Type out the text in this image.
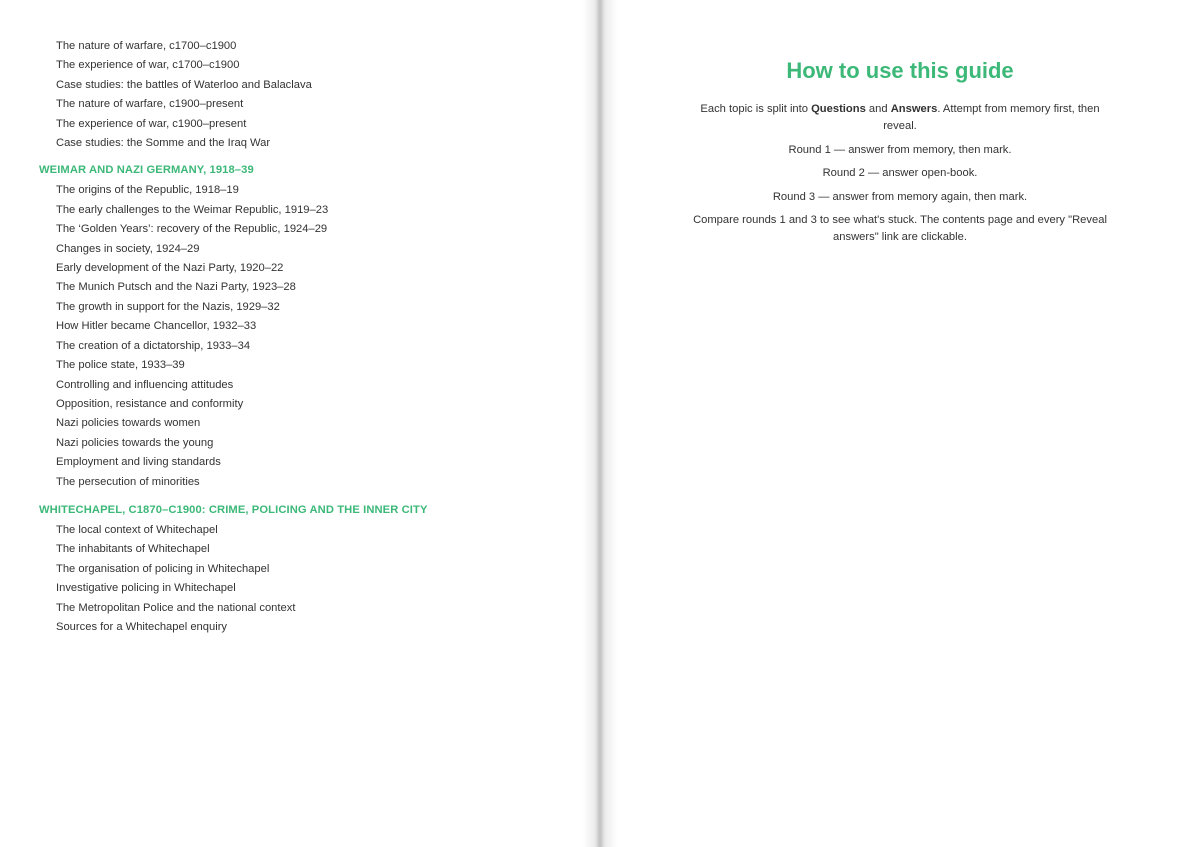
The nature of warfare, c1700–c1900
The experience of war, c1700–c1900
Case studies: the battles of Waterloo and Balaclava
The nature of warfare, c1900–present
The experience of war, c1900–present
Case studies: the Somme and the Iraq War
WEIMAR AND NAZI GERMANY, 1918–39
The origins of the Republic, 1918–19
The early challenges to the Weimar Republic, 1919–23
The ‘Golden Years’: recovery of the Republic, 1924–29
Changes in society, 1924–29
Early development of the Nazi Party, 1920–22
The Munich Putsch and the Nazi Party, 1923–28
The growth in support for the Nazis, 1929–32
How Hitler became Chancellor, 1932–33
The creation of a dictatorship, 1933–34
The police state, 1933–39
Controlling and influencing attitudes
Opposition, resistance and conformity
Nazi policies towards women
Nazi policies towards the young
Employment and living standards
The persecution of minorities
WHITECHAPEL, C1870–C1900: CRIME, POLICING AND THE INNER CITY
The local context of Whitechapel
The inhabitants of Whitechapel
The organisation of policing in Whitechapel
Investigative policing in Whitechapel
The Metropolitan Police and the national context
Sources for a Whitechapel enquiry
How to use this guide

Each topic is split into Questions and Answers. Attempt from memory first, then reveal.

Round 1 — answer from memory, then mark.

Round 2 — answer open-book.

Round 3 — answer from memory again, then mark.

Compare rounds 1 and 3 to see what's stuck. The contents page and every "Reveal answers" link are clickable.
